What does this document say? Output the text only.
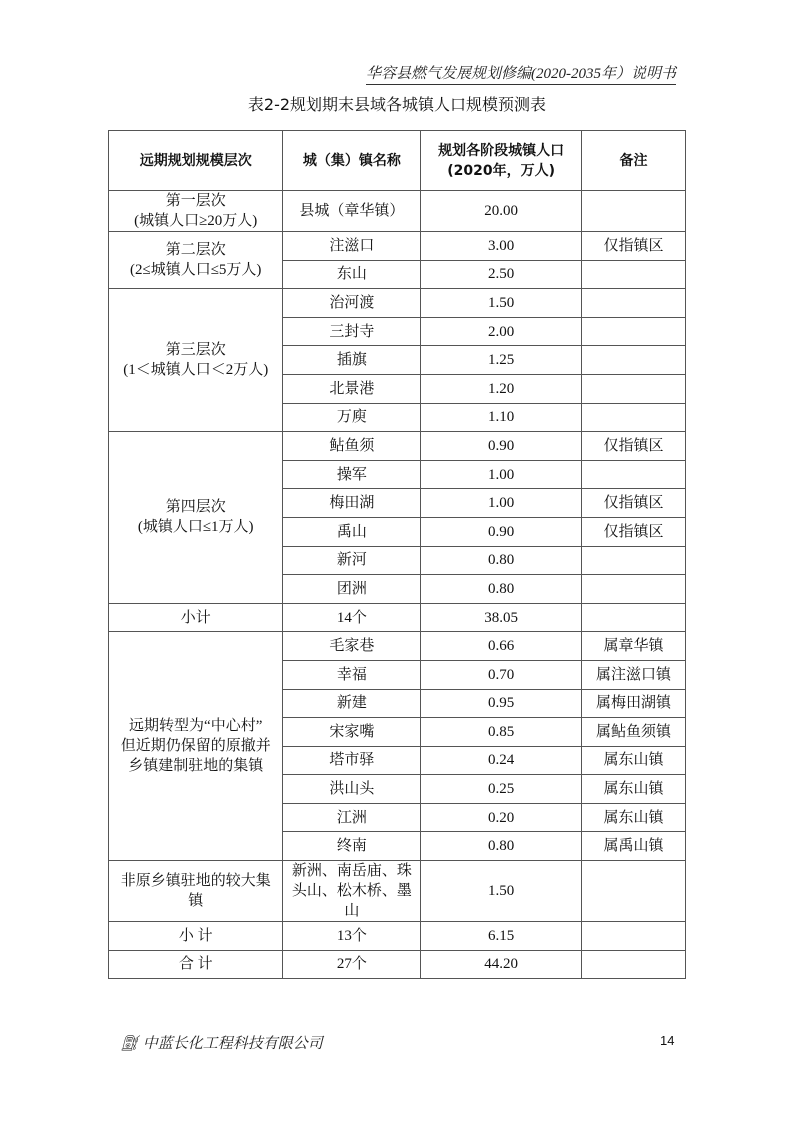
华容县燃气发展规划修编(2020-2035年）说明书
表2-2规划期末县域各城镇人口规模预测表
远期规划规模层次	城（集）镇名称	规划各阶段城镇人口
(2020年，万人)	备注
第一层次
(城镇人口≥20万人)	县城（章华镇）	20.00	
第二层次
(2≤城镇人口≤5万人)	注滋口	3.00	仅指镇区
	东山	2.50	
第三层次
(1＜城镇人口＜2万人)	治河渡	1.50	
	三封寺	2.00	
	插旗	1.25	
	北景港	1.20	
	万庾	1.10	
第四层次
(城镇人口≤1万人)	鲇鱼须	0.90	仅指镇区
	操军	1.00	
	梅田湖	1.00	仅指镇区
	禹山	0.90	仅指镇区
	新河	0.80	
	团洲	0.80	
小计	14个	38.05	
远期转型为“中心村”
但近期仍保留的原撤并
乡镇建制驻地的集镇	毛家巷	0.66	属章华镇
	幸福	0.70	属注滋口镇
	新建	0.95	属梅田湖镇
	宋家嘴	0.85	属鲇鱼须镇
	塔市驿	0.24	属东山镇
	洪山头	0.25	属东山镇
	江洲	0.20	属东山镇
	终南	0.80	属禹山镇
非原乡镇驻地的较大集
镇	新洲、南岳庙、珠头山、松木桥、墨山	1.50	
小 计	13个	6.15	
合 计	27个	44.20	
⛽︎ 中蓝长化工程科技有限公司	14
